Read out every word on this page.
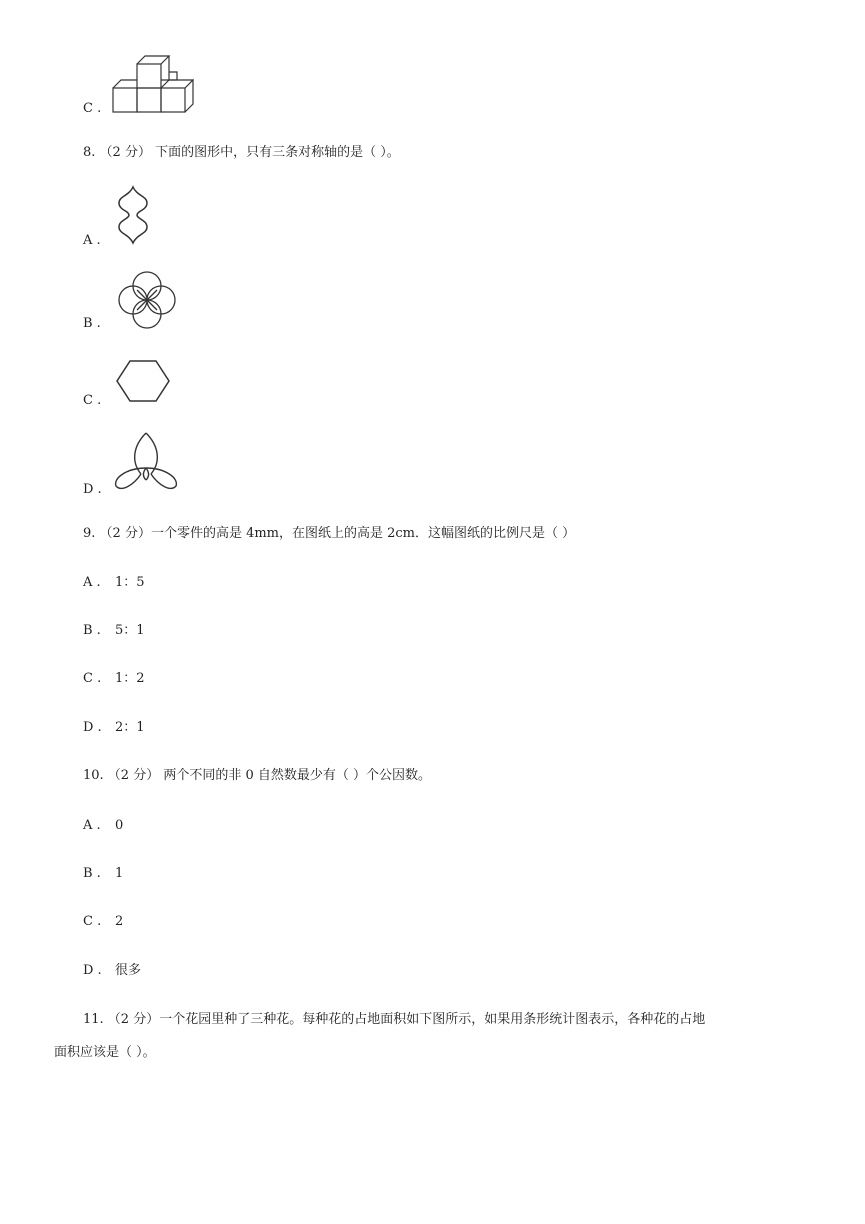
C .
8. （2 分） 下面的图形中，只有三条对称轴的是（ ）。
A .
B .
C .
D .
9. （2 分）一个零件的高是 4mm，在图纸上的高是 2cm．这幅图纸的比例尺是（ ）
A . 1：5
B . 5：1
C . 1：2
D . 2：1
10. （2 分） 两个不同的非 0 自然数最少有（ ）个公因数。
A . 0
B . 1
C . 2
D . 很多
11. （2 分）一个花园里种了三种花。每种花的占地面积如下图所示，如果用条形统计图表示，各种花的占地
面积应该是（ ）。
